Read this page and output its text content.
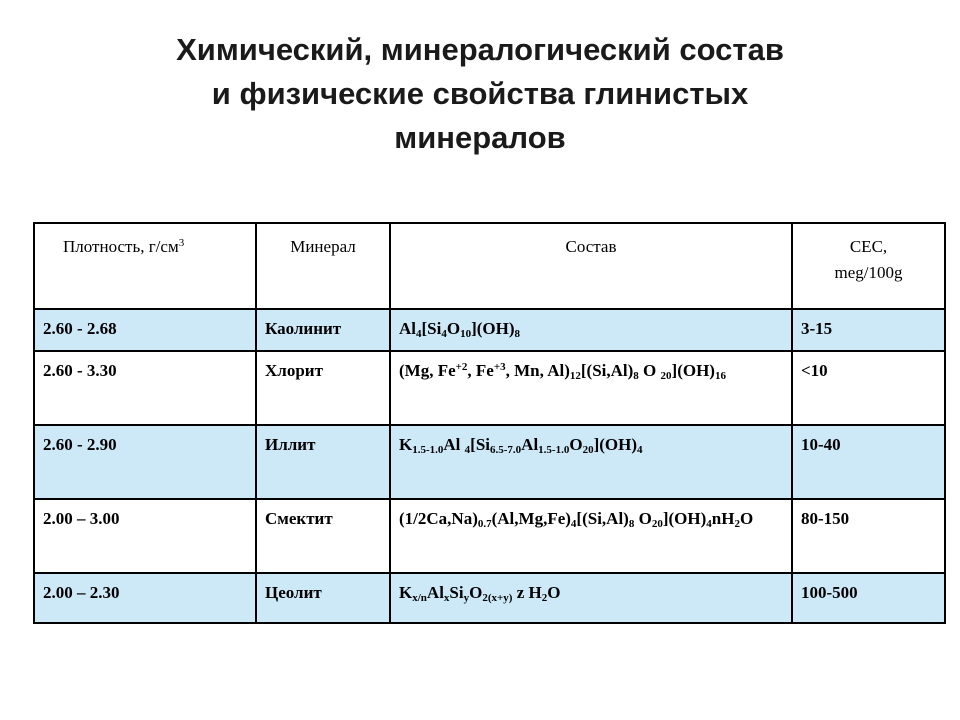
Химический, минералогический состав
и физические свойства глинистых
минералов
Плотность, $г/см^3$	Минерал	Состав	CEC,
meg/100g

2.60 - 2.68	Каолинит	$Al_4[Si_4O_{10}](OH)_8$	3-15
2.60 - 3.30	Хлорит	(Mg, $Fe^{+2}$, $Fe^{+3}$, Mn, $Al)_{12}[(Si,Al)_8$ O $_{20}](OH)_{16}$	<10
2.60 - 2.90	Иллит	$K_{1.5-1.0}Al$ $_4[Si_{6.5-7.0}Al_{1.5-1.0}O_{20}](OH)_4$	10-40
2.00 – 3.00	Смектит	$(1/2Ca,Na)_{0.7}(Al,Mg,Fe)_4[(Si,Al)_8$ $O_{20}](OH)_4nH_2O$	80-150
2.00 – 2.30	Цеолит	$K_{x/n}Al_xSi_yO_{2(x+y)}$ z $H_2O$	100-500
